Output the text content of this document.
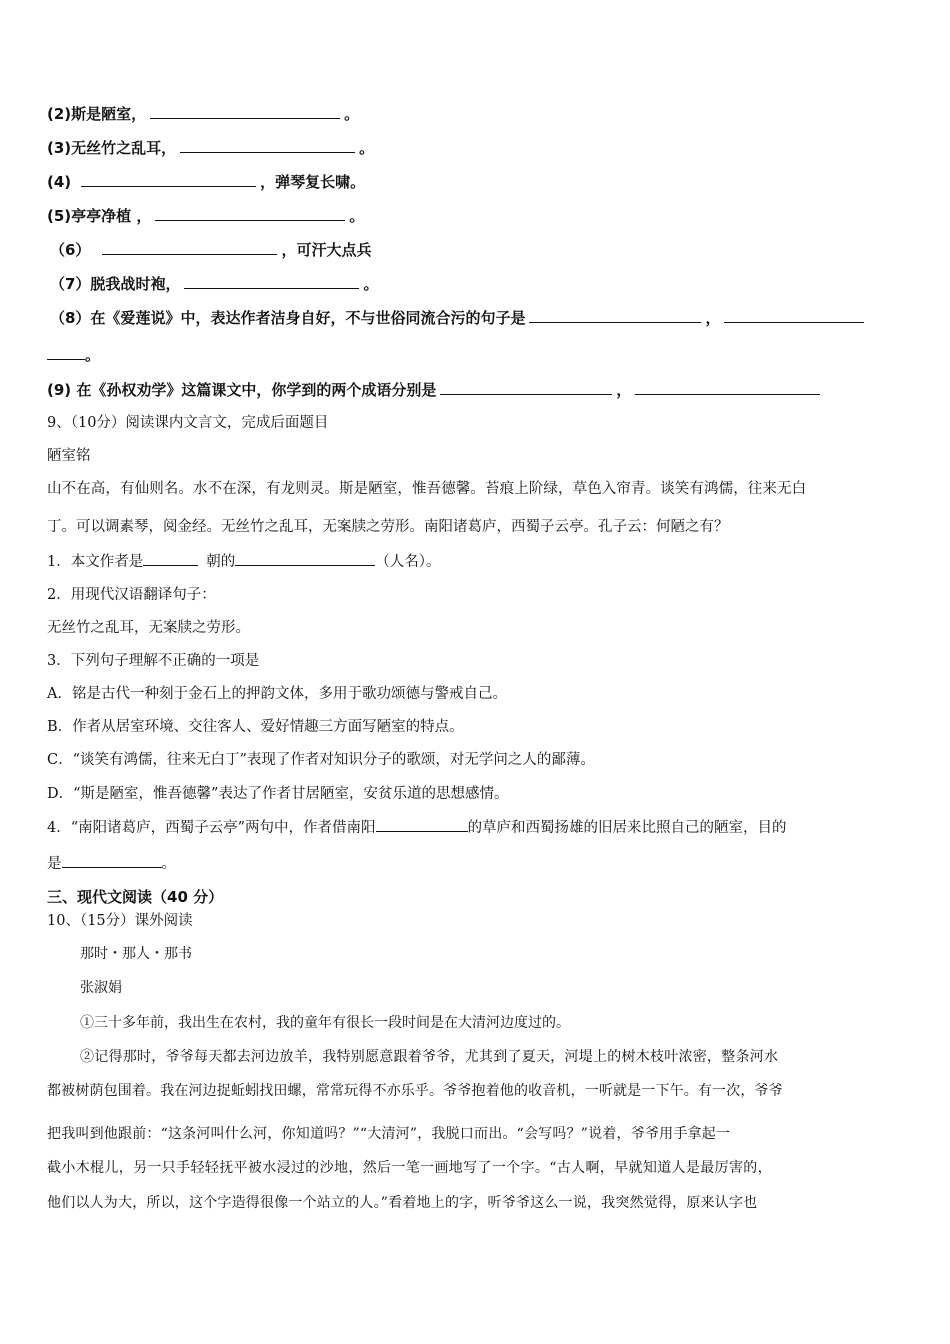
(2)斯是陋室，	。
(3)无丝竹之乱耳，	。
(4)	，弹琴复长啸。
(5)亭亭净植 ，	。
（6）	，可汗大点兵
（7）脱我战时袍，	。
（8）在《爱莲说》中，表达作者洁身自好，不与世俗同流合污的句子是	，
。
(9) 在《孙权劝学》这篇课文中，你学到的两个成语分别是	，
9、（10分）阅读课内文言文，完成后面题目
陋室铭
山不在高，有仙则名。水不在深，有龙则灵。斯是陋室，惟吾德馨。苔痕上阶绿，草色入帘青。谈笑有鸿儒，往来无白
丁。可以调素琴，阅金经。无丝竹之乱耳，无案牍之劳形。南阳诸葛庐，西蜀子云亭。孔子云：何陋之有？
1．本文作者是	朝的	（人名）。
2．用现代汉语翻译句子：
无丝竹之乱耳，无案牍之劳形。
3．下列句子理解不正确的一项是
A．铭是古代一种刻于金石上的押韵文体，多用于歌功颂德与警戒自己。
B．作者从居室环境、交往客人、爱好情趣三方面写陋室的特点。
C．“谈笑有鸿儒，往来无白丁”表现了作者对知识分子的歌颂，对无学问之人的鄙薄。
D．“斯是陋室，惟吾德馨”表达了作者甘居陋室，安贫乐道的思想感情。
4．“南阳诸葛庐，西蜀子云亭”两句中，作者借南阳	的草庐和西蜀扬雄的旧居来比照自己的陋室，目的
是	。
三、现代文阅读（40 分）
10、（15分）课外阅读
那时・那人・那书
张淑娟
①三十多年前，我出生在农村，我的童年有很长一段时间是在大清河边度过的。
②记得那时，爷爷每天都去河边放羊，我特别愿意跟着爷爷，尤其到了夏天，河堤上的树木枝叶浓密，整条河水
都被树荫包围着。我在河边捉蚯蚓找田螺，常常玩得不亦乐乎。爷爷抱着他的收音机，一听就是一下午。有一次，爷爷
把我叫到他跟前：“这条河叫什么河，你知道吗？”“大清河”，我脱口而出。“会写吗？”说着，爷爷用手拿起一
截小木棍儿，另一只手轻轻抚平被水浸过的沙地，然后一笔一画地写了一个字。“古人啊，早就知道人是最厉害的，
他们以人为大，所以，这个字造得很像一个站立的人。”看着地上的字，听爷爷这么一说，我突然觉得，原来认字也
